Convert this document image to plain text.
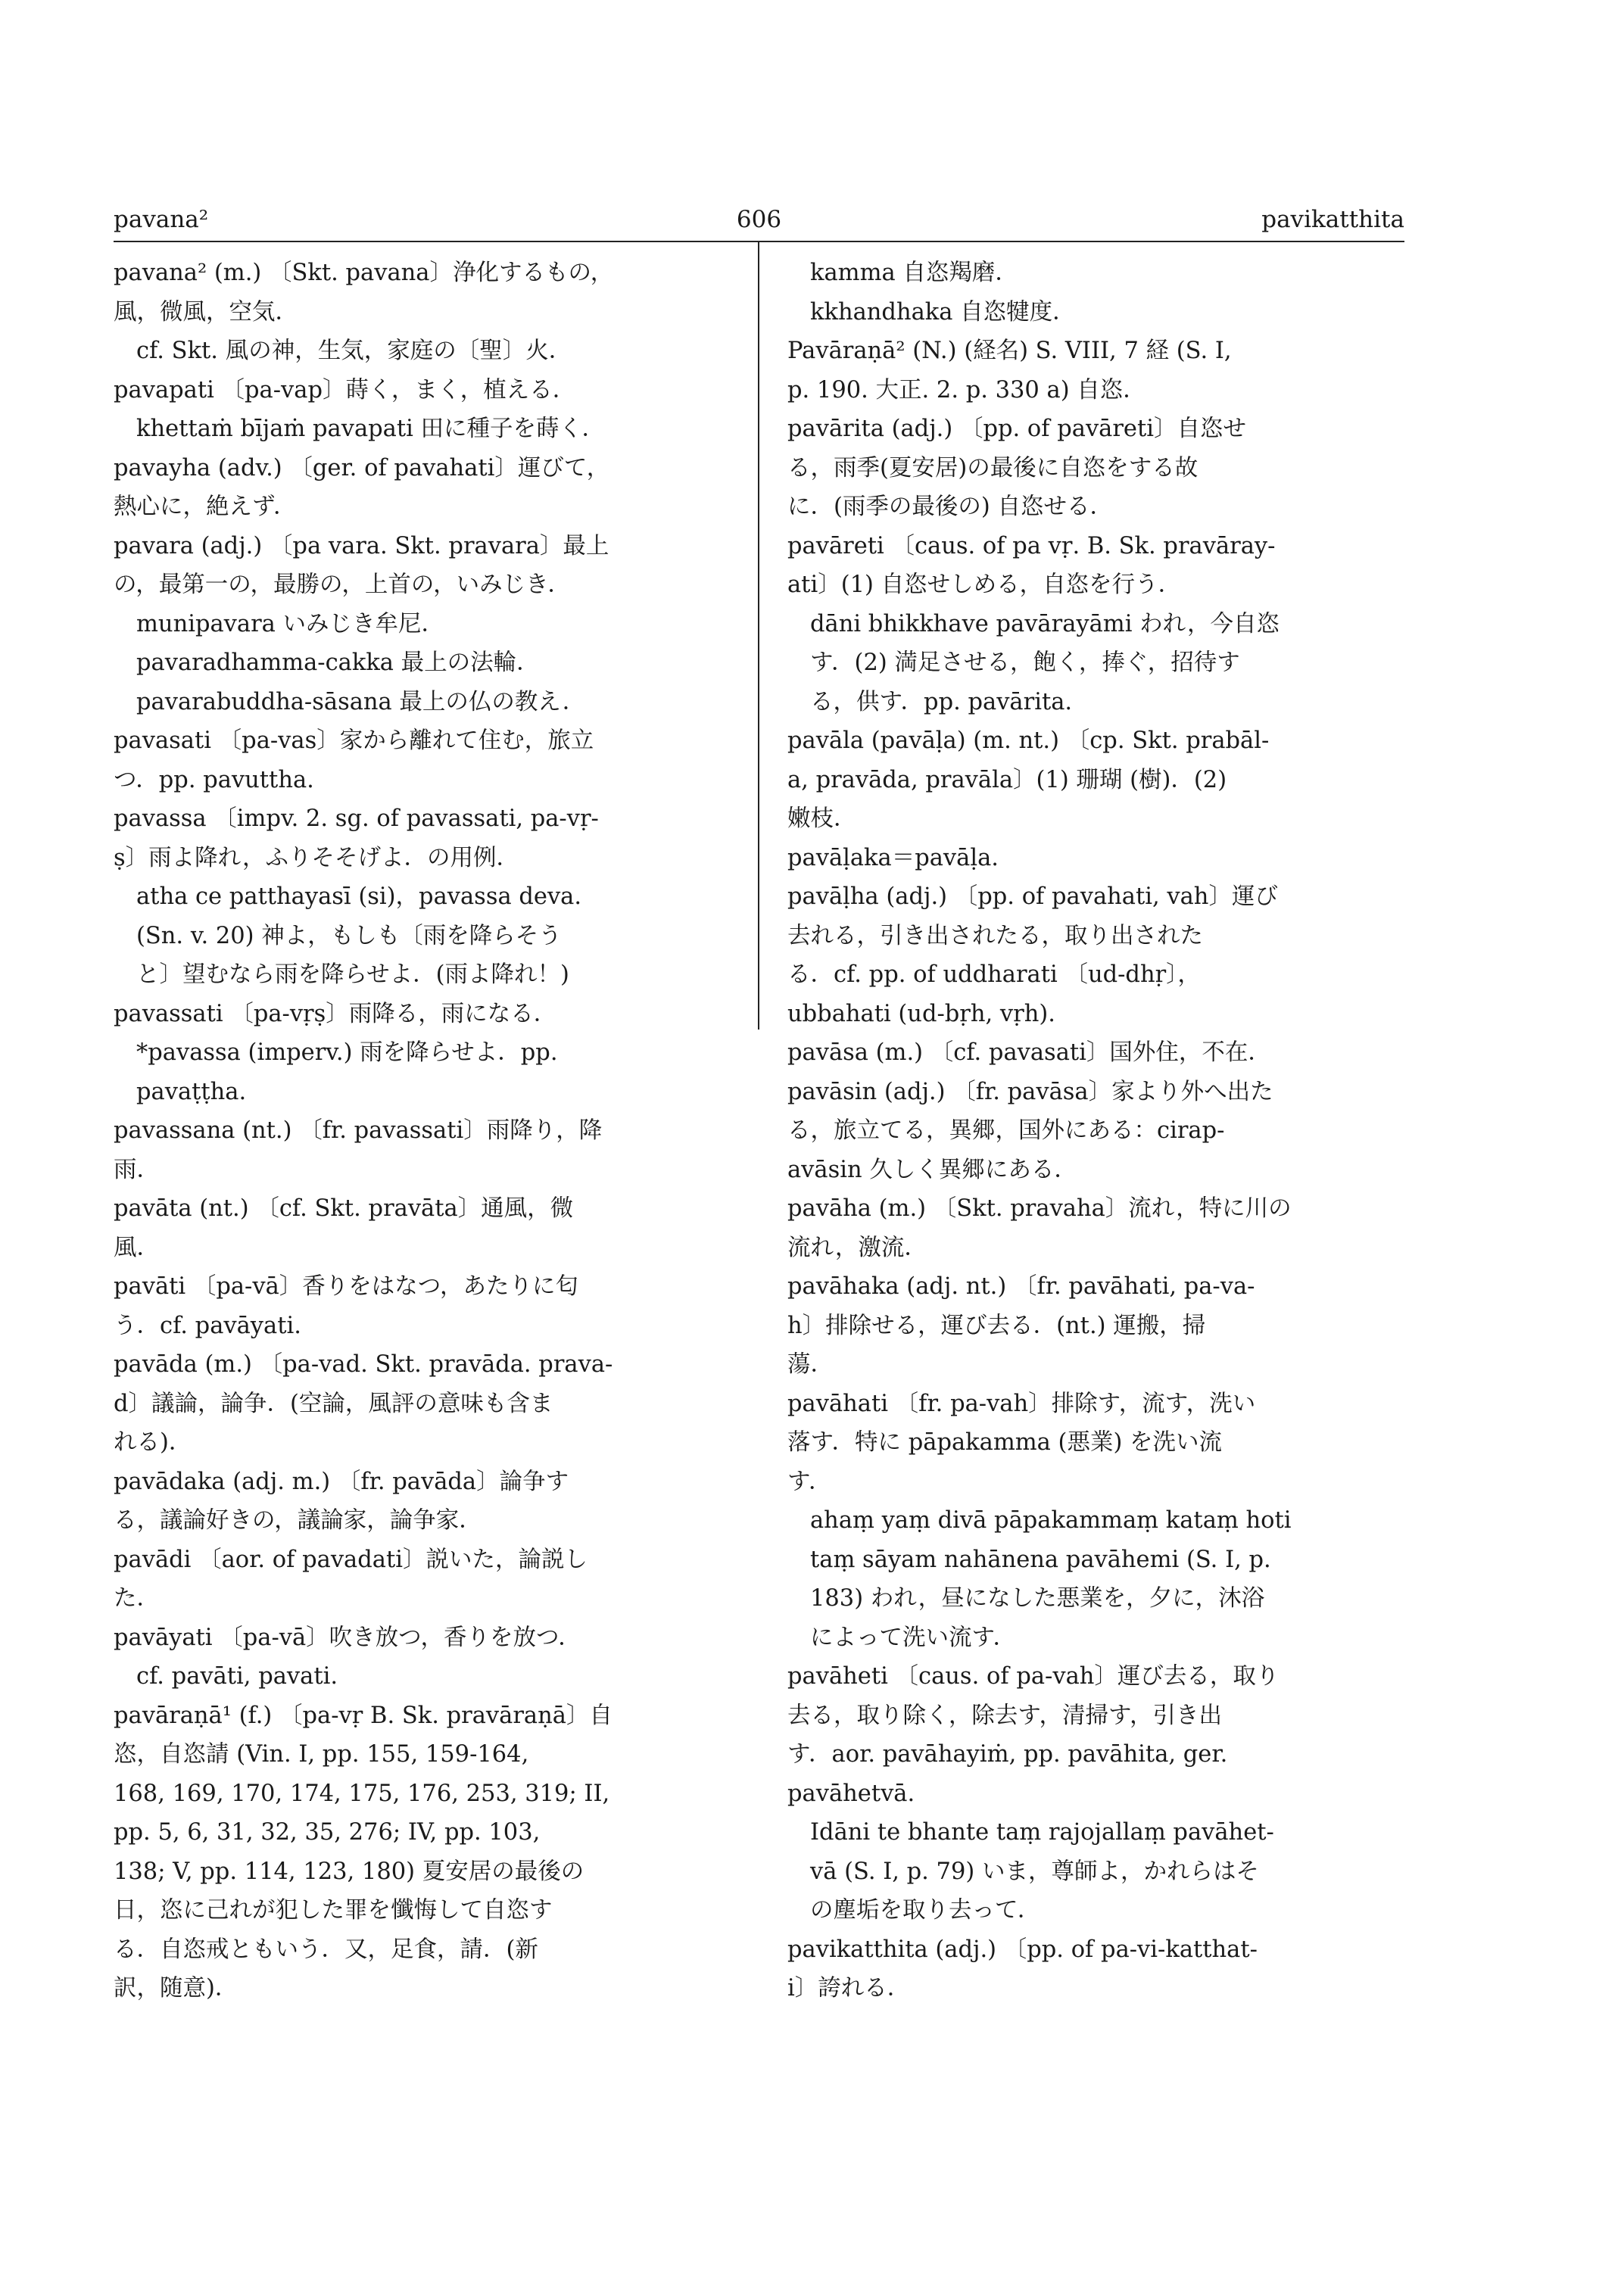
pavana²	606	pavikatthita
pavana² (m.) 〔Skt. pavana〕浄化するもの，
風，微風，空気．
cf. Skt. 風の神，生気，家庭の〔聖〕火．
pavapati 〔pa-vap〕蒔く，まく，植える．
khettaṁ bījaṁ pavapati 田に種子を蒔く．
pavayha (adv.) 〔ger. of pavahati〕運びて，
熱心に，絶えず．
pavara (adj.) 〔pa vara. Skt. pravara〕最上
の，最第一の，最勝の，上首の，いみじき．
munipavara いみじき牟尼．
pavaradhamma-cakka 最上の法輪．
pavarabuddha-sāsana 最上の仏の教え．
pavasati 〔pa-vas〕家から離れて住む，旅立
つ．pp. pavuttha.
pavassa 〔impv. 2. sg. of pavassati, pa-vṛ-
ṣ〕雨よ降れ，ふりそそげよ．の用例．
atha ce patthayasī (si)，pavassa deva.
(Sn. v. 20) 神よ，もしも〔雨を降らそう
と〕望むなら雨を降らせよ．(雨よ降れ！)
pavassati 〔pa-vṛṣ〕雨降る，雨になる．
*pavassa (imperv.) 雨を降らせよ．pp.
pavaṭṭha.
pavassana (nt.) 〔fr. pavassati〕雨降り，降
雨．
pavāta (nt.) 〔cf. Skt. pravāta〕通風，微
風．
pavāti 〔pa-vā〕香りをはなつ，あたりに匂
う．cf. pavāyati.
pavāda (m.) 〔pa-vad. Skt. pravāda. prava-
d〕議論，論争．(空論，風評の意味も含ま
れる)．
pavādaka (adj. m.) 〔fr. pavāda〕論争す
る，議論好きの，議論家，論争家．
pavādi 〔aor. of pavadati〕説いた，論説し
た．
pavāyati 〔pa-vā〕吹き放つ，香りを放つ．
cf. pavāti, pavati.
pavāraṇā¹ (f.) 〔pa-vṛ B. Sk. pravāraṇā〕自
恣，自恣請 (Vin. I, pp. 155, 159-164,
168, 169, 170, 174, 175, 176, 253, 319; II,
pp. 5, 6, 31, 32, 35, 276; IV, pp. 103,
138; V, pp. 114, 123, 180) 夏安居の最後の
日，恣に己れが犯した罪を懺悔して自恣す
る．自恣戒ともいう．又，足食，請．(新
訳，随意)．
kamma 自恣羯磨．
kkhandhaka 自恣犍度．
Pavāraṇā² (N.) (経名) S. VIII, 7 経 (S. I,
p. 190. 大正. 2. p. 330 a) 自恣．
pavārita (adj.) 〔pp. of pavāreti〕自恣せ
る，雨季(夏安居)の最後に自恣をする故
に．(雨季の最後の) 自恣せる．
pavāreti 〔caus. of pa vṛ. B. Sk. pravāray-
ati〕(1) 自恣せしめる，自恣を行う．
dāni bhikkhave pavārayāmi われ，今自恣
す．(2) 満足させる，飽く，捧ぐ，招待す
る，供す．pp. pavārita.
pavāla (pavāḷa) (m. nt.) 〔cp. Skt. prabāl-
a, pravāda, pravāla〕(1) 珊瑚 (樹)．(2)
嫩枝．
pavāḷaka＝pavāḷa.
pavāḷha (adj.) 〔pp. of pavahati, vah〕運び
去れる，引き出されたる，取り出された
る．cf. pp. of uddharati 〔ud-dhṛ〕，
ubbahati (ud-bṛh, vṛh).
pavāsa (m.) 〔cf. pavasati〕国外住，不在．
pavāsin (adj.) 〔fr. pavāsa〕家より外へ出た
る，旅立てる，異郷，国外にある：cirap-
avāsin 久しく異郷にある．
pavāha (m.) 〔Skt. pravaha〕流れ，特に川の
流れ，激流．
pavāhaka (adj. nt.) 〔fr. pavāhati, pa-va-
h〕排除せる，運び去る．(nt.) 運搬，掃
蕩．
pavāhati 〔fr. pa-vah〕排除す，流す，洗い
落す．特に pāpakamma (悪業) を洗い流
す．
ahaṃ yaṃ divā pāpakammaṃ kataṃ hoti
taṃ sāyam nahānena pavāhemi (S. I, p.
183) われ，昼になした悪業を，夕に，沐浴
によって洗い流す．
pavāheti 〔caus. of pa-vah〕運び去る，取り
去る，取り除く，除去す，清掃す，引き出
す．aor. pavāhayiṁ, pp. pavāhita, ger.
pavāhetvā.
Idāni te bhante taṃ rajojallaṃ pavāhet-
vā (S. I, p. 79) いま，尊師よ，かれらはそ
の塵垢を取り去って．
pavikatthita (adj.) 〔pp. of pa-vi-katthat-
i〕誇れる．
